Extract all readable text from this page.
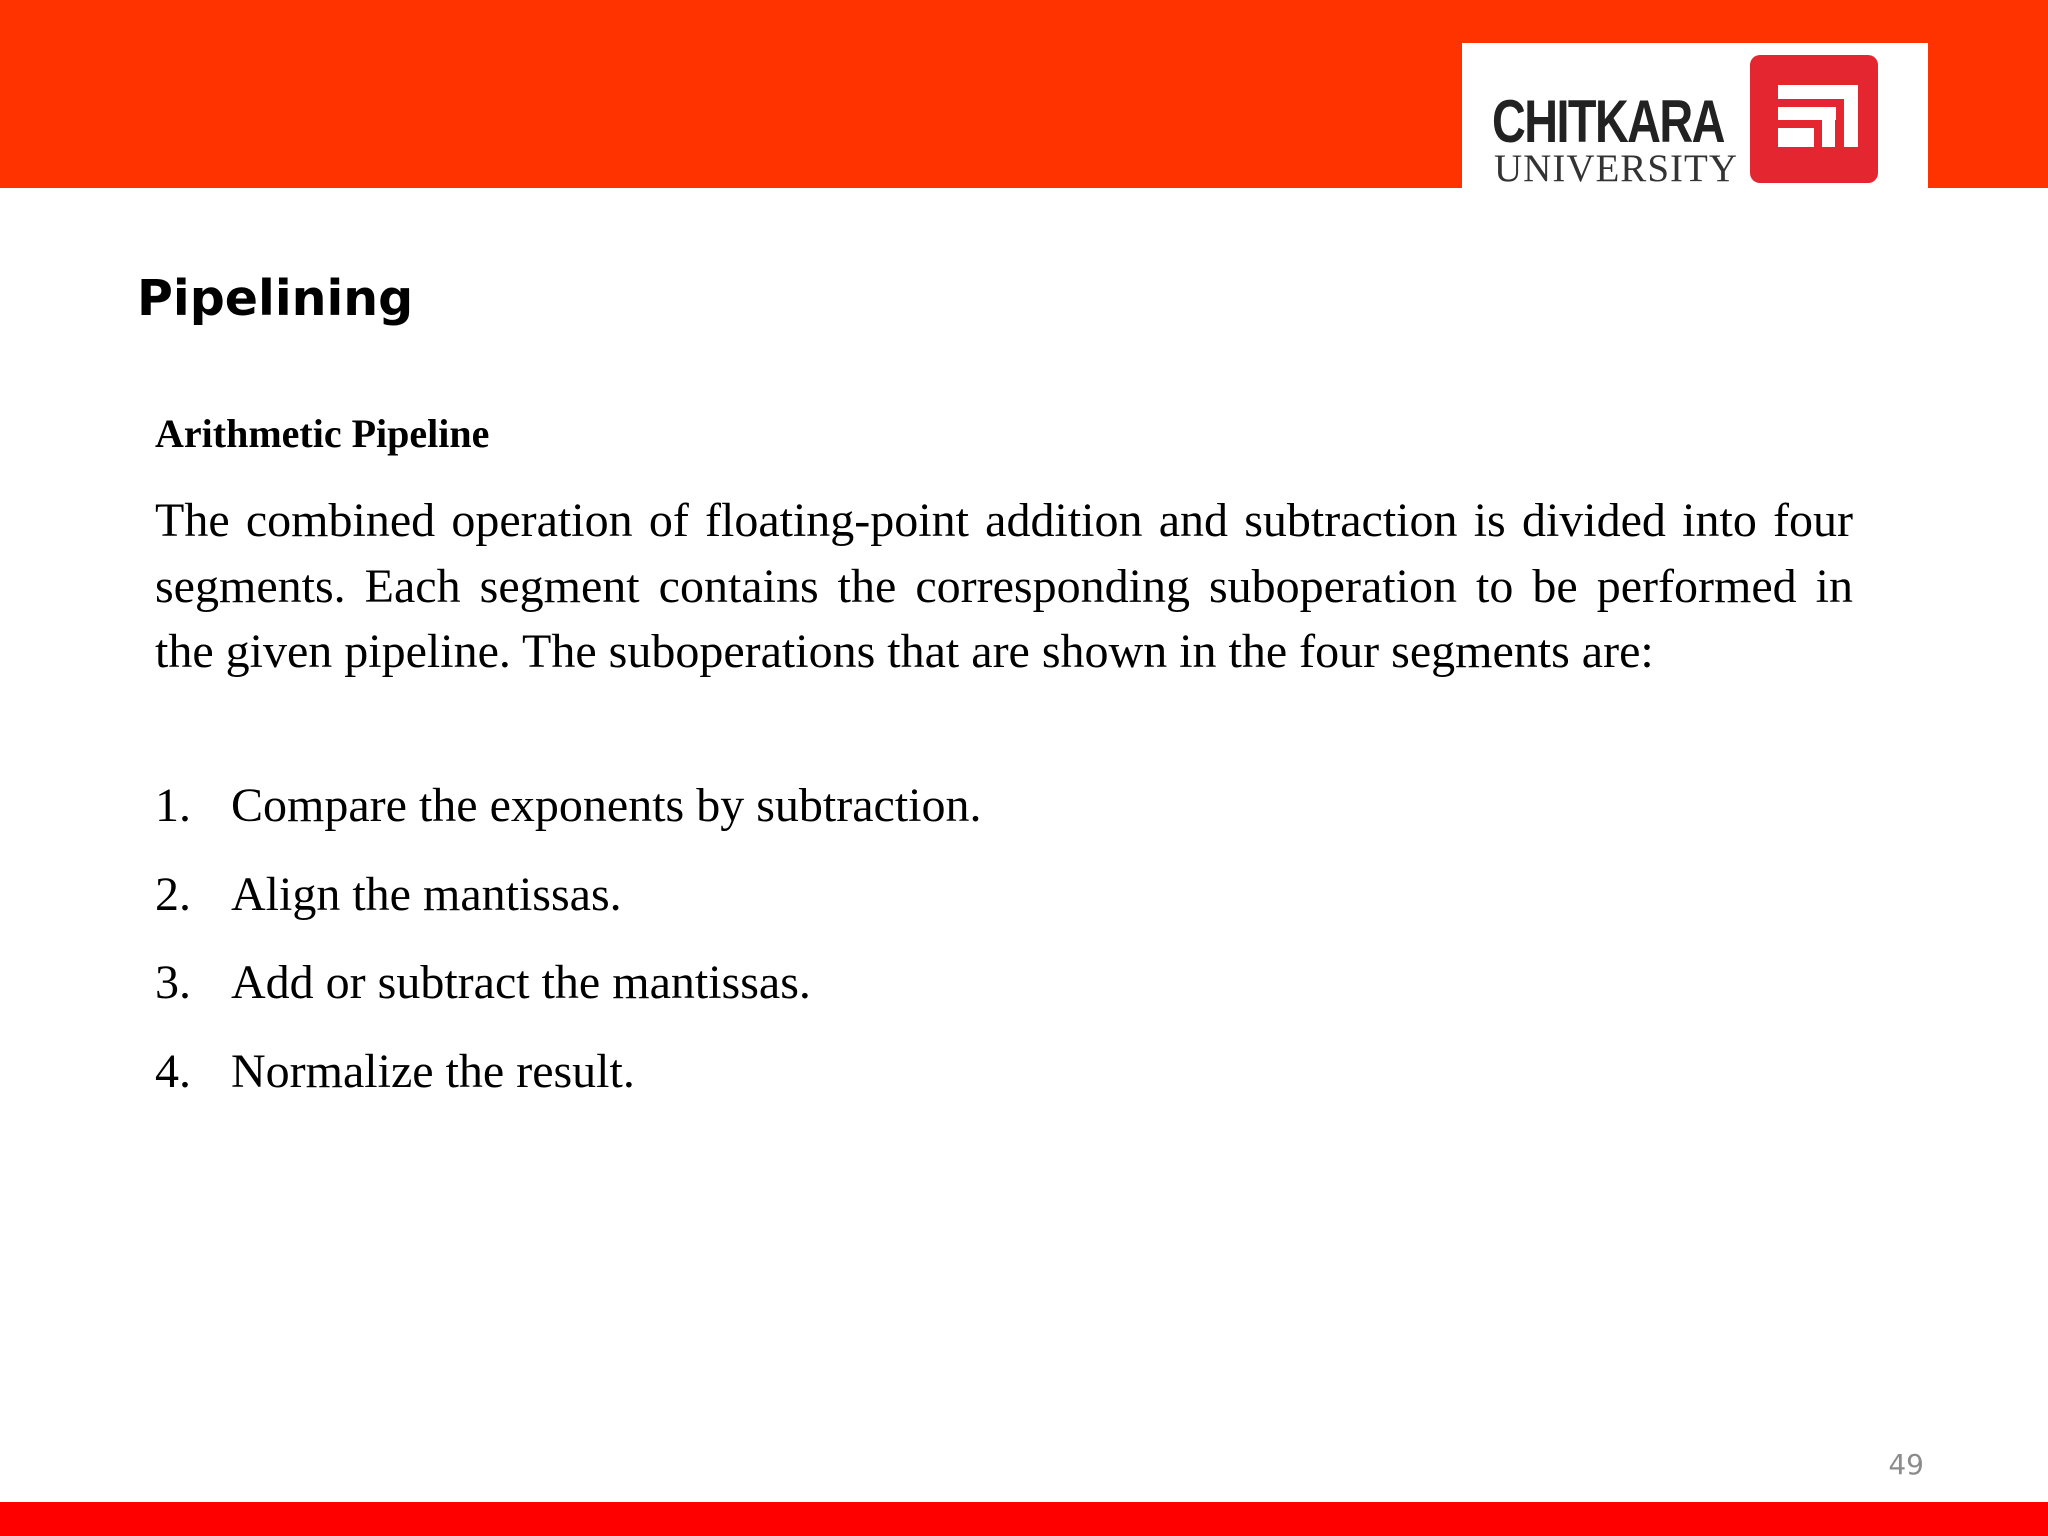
CHITKARA
UNIVERSITY
Pipelining
Arithmetic Pipeline

The combined operation of floating-point addition and subtraction is divided into four segments. Each segment contains the corresponding suboperation to be performed in the given pipeline. The suboperations that are shown in the four segments are:

1. Compare the exponents by subtraction.
2. Align the mantissas.
3. Add or subtract the mantissas.
4. Normalize the result.
49
